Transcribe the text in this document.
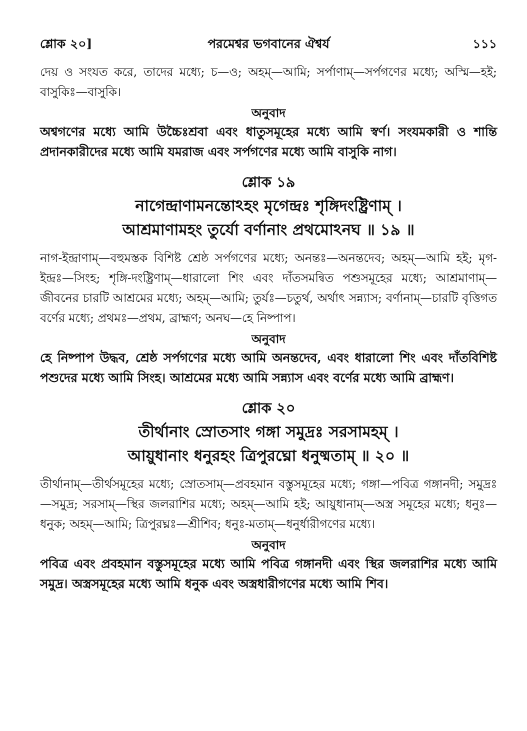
শ্লোক ২০]	পরমেশ্বর ভগবানের ঐশ্বর্য	১১১

দেয় ও সংযত করে, তাদের মধ্যে; চ—ও; অহম্—আমি; সর্পাণাম্—সর্পগণের মধ্যে; অস্মি—হই; বাসুকিঃ—বাসুকি।

অনুবাদ

অশ্বগণের মধ্যে আমি উচ্চৈঃশ্রবা এবং ধাতুসমূহের মধ্যে আমি স্বর্ণ। সংযমকারী ও শান্তি প্রদানকারীদের মধ্যে আমি যমরাজ এবং সর্পগণের মধ্যে আমি বাসুকি নাগ।

শ্লোক ১৯
নাগেন্দ্রাণামনন্তোঽহং মৃগেন্দ্রঃ শৃঙ্গিদংষ্ট্রিণাম্ ।
আশ্রমাণামহং তুর্যো বর্ণানাং প্রথমোঽনঘ ॥ ১৯ ॥

নাগ-ইন্দ্রাণাম্—বহুমস্তক বিশিষ্ট শ্রেষ্ঠ সর্পগণের মধ্যে; অনন্তঃ—অনন্তদেব; অহম্—আমি হই; মৃগ-ইন্দ্রঃ—সিংহ; শৃঙ্গি-দংষ্ট্রিণাম্—ধারালো শিং এবং দাঁতসমন্বিত পশুসমূহের মধ্যে; আশ্রমাণাম্—জীবনের চারটি আশ্রমের মধ্যে; অহম্—আমি; তুর্যঃ—চতুর্থ, অর্থাৎ সন্ন্যাস; বর্ণানাম্—চারটি বৃত্তিগত বর্ণের মধ্যে; প্রথমঃ—প্রথম, ব্রাহ্মণ; অনঘ—হে নিষ্পাপ।

অনুবাদ

হে নিষ্পাপ উদ্ধব, শ্রেষ্ঠ সর্পগণের মধ্যে আমি অনন্তদেব, এবং ধারালো শিং এবং দাঁতবিশিষ্ট পশুদের মধ্যে আমি সিংহ। আশ্রমের মধ্যে আমি সন্ন্যাস এবং বর্ণের মধ্যে আমি ব্রাহ্মণ।

শ্লোক ২০
তীর্থানাং স্রোতসাং গঙ্গা সমুদ্রঃ সরসামহম্ ।
আয়ুধানাং ধনুরহং ত্রিপুরঘ্নো ধনুষ্মতাম্ ॥ ২০ ॥

তীর্থানাম্—তীর্থসমূহের মধ্যে; স্রোতসাম্—প্রবহমান বস্তুসমূহের মধ্যে; গঙ্গা—পবিত্র গঙ্গানদী; সমুদ্রঃ—সমুদ্র; সরসাম্—স্থির জলরাশির মধ্যে; অহম্—আমি হই; আয়ুধানাম্—অস্ত্র সমূহের মধ্যে; ধনুঃ—ধনুক; অহম্—আমি; ত্রিপুরঘ্নঃ—শ্রীশিব; ধনুঃ-মতাম্—ধনুর্ধারীগণের মধ্যে।

অনুবাদ

পবিত্র এবং প্রবহমান বস্তুসমূহের মধ্যে আমি পবিত্র গঙ্গানদী এবং স্থির জলরাশির মধ্যে আমি সমুদ্র। অস্ত্রসমূহের মধ্যে আমি ধনুক এবং অস্ত্রধারীগণের মধ্যে আমি শিব।
